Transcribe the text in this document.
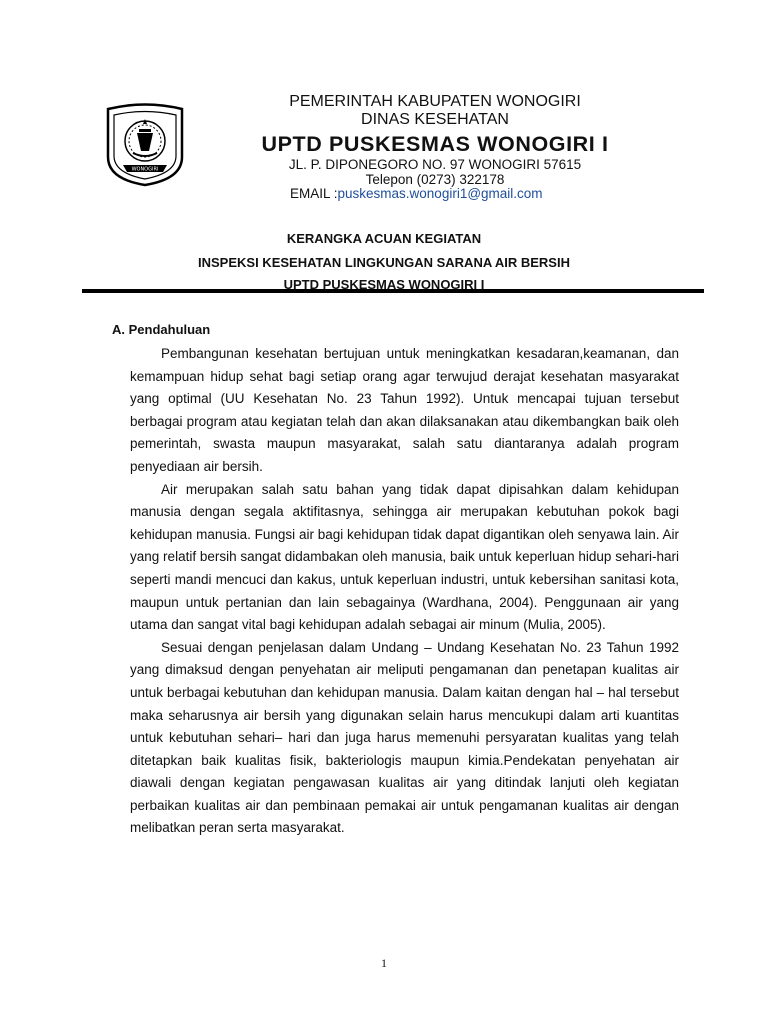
WONOGIRI
PEMERINTAH KABUPATEN WONOGIRI
DINAS KESEHATAN
UPTD PUSKESMAS WONOGIRI I
JL. P. DIPONEGORO NO. 97 WONOGIRI 57615
Telepon (0273) 322178
EMAIL :puskesmas.wonogiri1@gmail.com
KERANGKA ACUAN KEGIATAN
INSPEKSI KESEHATAN LINGKUNGAN SARANA AIR BERSIH
UPTD PUSKESMAS WONOGIRI I
A. Pendahuluan

Pembangunan kesehatan bertujuan untuk meningkatkan kesadaran,keamanan, dan kemampuan hidup sehat bagi setiap orang agar terwujud derajat kesehatan masyarakat yang optimal (UU Kesehatan No. 23 Tahun 1992). Untuk mencapai tujuan tersebut berbagai program atau kegiatan telah dan akan dilaksanakan atau dikembangkan baik oleh pemerintah, swasta maupun masyarakat, salah satu diantaranya adalah program penyediaan air bersih.

Air merupakan salah satu bahan yang tidak dapat dipisahkan dalam kehidupan manusia dengan segala aktifitasnya, sehingga air merupakan kebutuhan pokok bagi kehidupan manusia. Fungsi air bagi kehidupan tidak dapat digantikan oleh senyawa lain. Air yang relatif bersih sangat didambakan oleh manusia, baik untuk keperluan hidup sehari-hari seperti mandi mencuci dan kakus, untuk keperluan industri, untuk kebersihan sanitasi kota, maupun untuk pertanian dan lain sebagainya (Wardhana, 2004). Penggunaan air yang utama dan sangat vital bagi kehidupan adalah sebagai air minum (Mulia, 2005).

Sesuai dengan penjelasan dalam Undang – Undang Kesehatan No. 23 Tahun 1992 yang dimaksud dengan penyehatan air meliputi pengamanan dan penetapan kualitas air untuk berbagai kebutuhan dan kehidupan manusia. Dalam kaitan dengan hal – hal tersebut maka seharusnya air bersih yang digunakan selain harus mencukupi dalam arti kuantitas untuk kebutuhan sehari– hari dan juga harus memenuhi persyaratan kualitas yang telah ditetapkan baik kualitas fisik, bakteriologis maupun kimia.Pendekatan penyehatan air diawali dengan kegiatan pengawasan kualitas air yang ditindak lanjuti oleh kegiatan perbaikan kualitas air dan pembinaan pemakai air untuk pengamanan kualitas air dengan melibatkan peran serta masyarakat.

1
